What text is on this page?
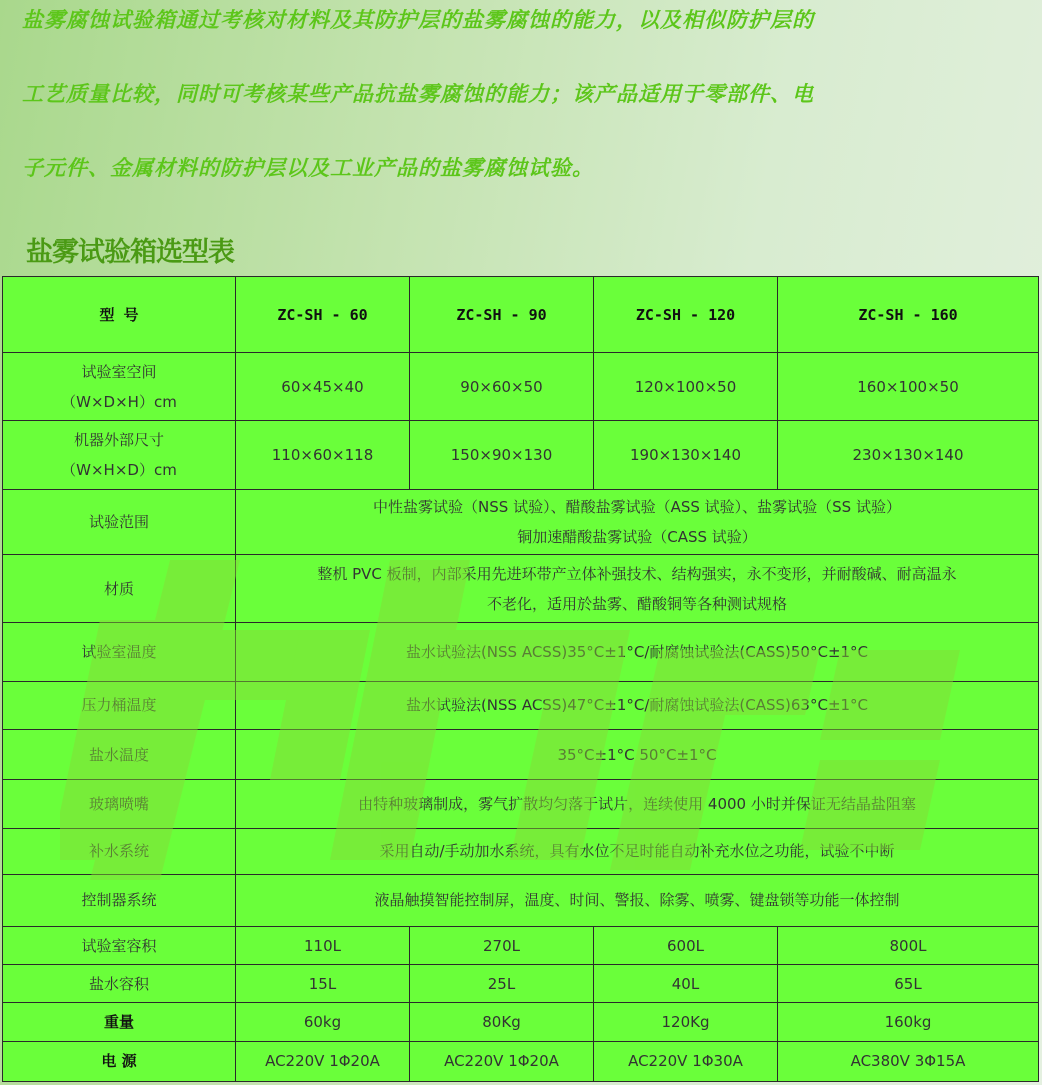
盐雾腐蚀试验箱通过考核对材料及其防护层的盐雾腐蚀的能力，以及相似防护层的

工艺质量比较，同时可考核某些产品抗盐雾腐蚀的能力；该产品适用于零部件、电

子元件、金属材料的防护层以及工业产品的盐雾腐蚀试验。

盐雾试验箱选型表
型 号	ZC-SH - 60	ZC-SH - 90	ZC-SH - 120	ZC-SH - 160

试验室空间
（W×D×H）cm	60×45×40	90×60×50	120×100×50	160×100×50

机器外部尺寸
（W×H×D）cm	110×60×118	150×90×130	190×130×140	230×130×140
试验范围	中性盐雾试验（NSS 试验）、醋酸盐雾试验（ASS 试验）、盐雾试验（SS 试验）
铜加速醋酸盐雾试验（CASS 试验）			

材质	整机 PVC 板制，内部采用先进环带产立体补强技术、结构强实，永不变形，并耐酸碱、耐高温永
不老化，适用於盐雾、醋酸铜等各种测试规格			

试验室温度	盐水试验法(NSS ACSS)35°C±1°C/耐腐蚀试验法(CASS)50°C±1°C			
压力桶温度	盐水试验法(NSS ACSS)47°C±1°C/耐腐蚀试验法(CASS)63°C±1°C			
盐水温度	35°C±1°C 50°C±1°C			
玻璃喷嘴	由特种玻璃制成，雾气扩散均匀落于试片，连续使用 4000 小时并保证无结晶盐阻塞			
补水系统	采用自动/手动加水系统，具有水位不足时能自动补充水位之功能，试验不中断			
控制器系统	液晶触摸智能控制屏，温度、时间、警报、除雾、喷雾、键盘锁等功能一体控制			
试验室容积	110L	270L	600L	800L
盐水容积	15L	25L	40L	65L
重量	60kg	80Kg	120Kg	160kg
电 源	AC220V 1Φ20A	AC220V 1Φ20A	AC220V 1Φ30A	AC380V 3Φ15A
